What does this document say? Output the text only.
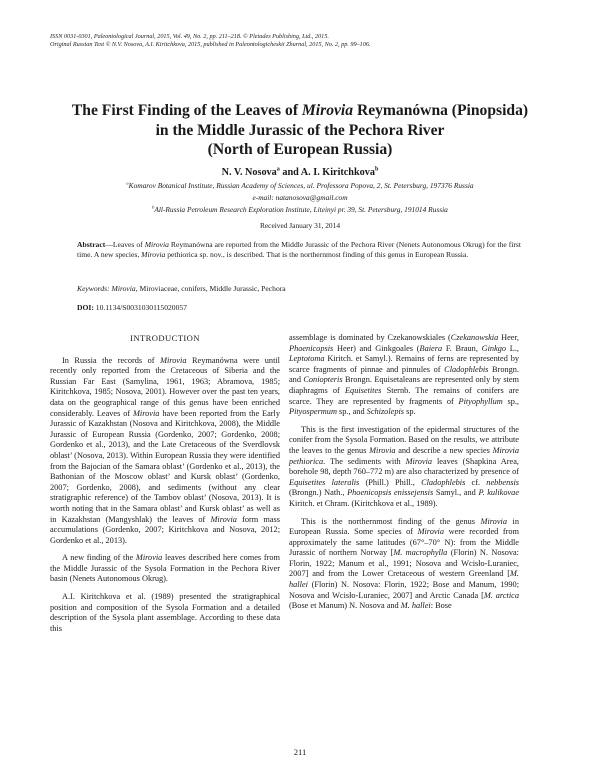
ISSN 0031-0301, Paleontological Journal, 2015, Vol. 49, No. 2, pp. 211–218. © Pleiades Publishing, Ltd., 2015.
Original Russian Text © N.V. Nosova, A.I. Kiritchkova, 2015, published in Paleontologicheskii Zhurnal, 2015, No. 2, pp. 99–106.
The First Finding of the Leaves of Mirovia Reymanówna (Pinopsida)
in the Middle Jurassic of the Pechora River
(North of European Russia)
N. V. Nosova$^a$ and A. I. Kiritchkova$^b$
$^a$Komarov Botanical Institute, Russian Academy of Sciences, ul. Professora Popova, 2, St. Petersburg, 197376 Russia
e-mail: natanosova@gmail.com
$^b$All-Russia Petroleum Research Exploration Institute, Liteinyi pr. 39, St. Petersburg, 191014 Russia
Received January 31, 2014
Abstract—Leaves of Mirovia Reymanówna are reported from the Middle Jurassic of the Pechora River (Nenets Autonomous Okrug) for the first time. A new species, Mirovia pethiorica sp. nov., is described. That is the northernmost finding of this genus in European Russia.
Keywords: Mirovia, Miroviaceae, conifers, Middle Jurassic, Pechora
DOI: 10.1134/S0031030115020057
INTRODUCTION

In Russia the records of Mirovia Reymanówna were until recently only reported from the Cretaceous of Siberia and the Russian Far East (Samylina, 1961, 1963; Abramova, 1985; Kiritchkova, 1985; Nosova, 2001). However over the past ten years, data on the geographical range of this genus have been enriched considerably. Leaves of Mirovia have been reported from the Early Jurassic of Kazakhstan (Nosova and Kiritchkova, 2008), the Middle Jurassic of European Russia (Gordenko, 2007; Gordenko, 2008; Gordenko et al., 2013), and the Late Cretaceous of the Sverdlovsk oblast’ (Nosova, 2013). Within European Russia they were identified from the Bajocian of the Samara oblast’ (Gordenko et al., 2013), the Bathonian of the Moscow oblast’ and Kursk oblast’ (Gordenko, 2007; Gordenko, 2008), and sediments (without any clear stratigraphic reference) of the Tambov oblast’ (Nosova, 2013). It is worth noting that in the Samara oblast’ and Kursk oblast’ as well as in Kazakhstan (Mangyshlak) the leaves of Mirovia form mass accumulations (Gordenko, 2007; Kiritchkova and Nosova, 2012; Gordenko et al., 2013).

A new finding of the Mirovia leaves described here comes from the Middle Jurassic of the Sysola Formation in the Pechora River basin (Nenets Autonomous Okrug).

A.I. Kiritchkova et al. (1989) presented the stratigraphical position and composition of the Sysola Formation and a detailed description of the Sysola plant assemblage. According to these data this

assemblage is dominated by Czekanowskiales (Czekanowskia Heer, Phoenicopsis Heer) and Ginkgoales (Baiera F. Braun, Ginkgo L., Leptotoma Kiritch. et Samyl.). Remains of ferns are represented by scarce fragments of pinnae and pinnules of Cladophlebis Brongn. and Coniopteris Brongn. Equisetaleans are represented only by stem diaphragms of Equisetites Sternb. The remains of conifers are scarce. They are represented by fragments of Pityophyllum sp., Pityospermum sp., and Schizolepis sp.

This is the first investigation of the epidermal structures of the conifer from the Sysola Formation. Based on the results, we attribute the leaves to the genus Mirovia and describe a new species Mirovia pethiorica. The sediments with Mirovia leaves (Shapkina Area, borehole 98, depth 760–772 m) are also characterized by presence of Equisetites lateralis (Phill.) Phill., Cladophlebis cf. nebbensis (Brongn.) Nath., Phoenicopsis enissejensis Samyl., and P. kulikovae Kiritch. et Chram. (Kiritchkova et al., 1989).

This is the northernmost finding of the genus Mirovia in European Russia. Some species of Mirovia were recorded from approximately the same latitudes (67°–70° N): from the Middle Jurassic of northern Norway [M. macrophylla (Florin) N. Nosova: Florin, 1922; Manum et al., 1991; Nosova and Wcisło-Luraniec, 2007] and from the Lower Cretaceous of western Greenland [M. hallei (Florin) N. Nosova: Florin, 1922; Bose and Manum, 1990; Nosova and Wcisło-Luraniec, 2007] and Arctic Canada [M. arctica (Bose et Manum) N. Nosova and M. hallei: Bose

211
